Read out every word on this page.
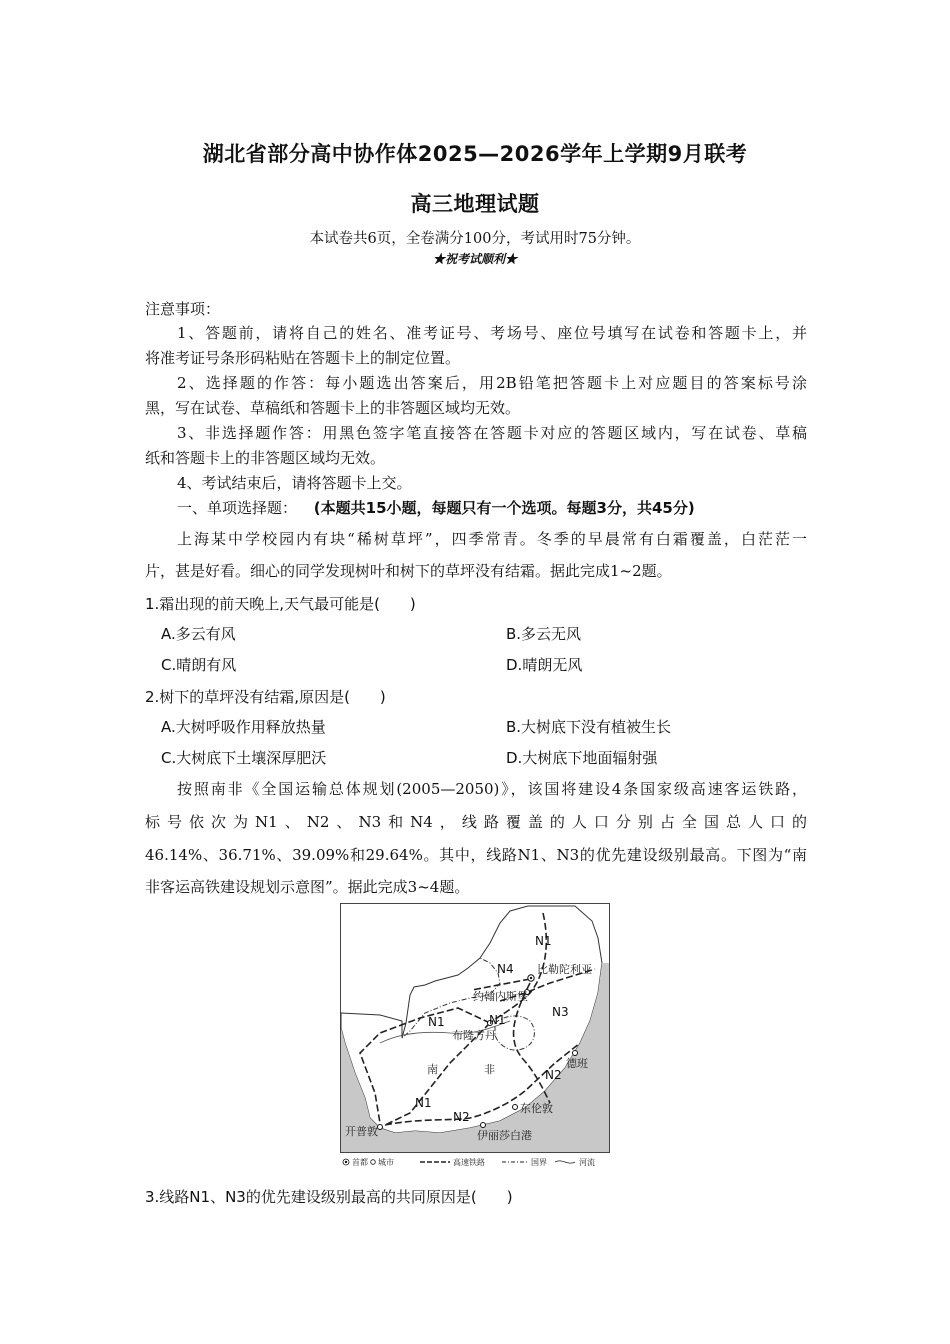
湖北省部分高中协作体2025—2026学年上学期9月联考
高三地理试题
本试卷共6页，全卷满分100分，考试用时75分钟。
★祝考试顺利★
注意事项：
1、答题前，请将自己的姓名、准考证号、考场号、座位号填写在试卷和答题卡上，并
将准考证号条形码粘贴在答题卡上的制定位置。
2、选择题的作答：每小题选出答案后，用2B铅笔把答题卡上对应题目的答案标号涂
黑，写在试卷、草稿纸和答题卡上的非答题区域均无效。
3、非选择题作答：用黑色签字笔直接答在答题卡对应的答题区域内，写在试卷、草稿
纸和答题卡上的非答题区域均无效。
4、考试结束后，请将答题卡上交。
一、单项选择题： (本题共15小题，每题只有一个选项。每题3分，共45分)
上海某中学校园内有块“稀树草坪”，四季常青。冬季的早晨常有白霜覆盖，白茫茫一
片，甚是好看。细心的同学发现树叶和树下的草坪没有结霜。据此完成1~2题。
1.霜出现的前天晚上,天气最可能是(　　)
A.多云有风	B.多云无风
C.晴朗有风	D.晴朗无风
2.树下的草坪没有结霜,原因是(　　)
A.大树呼吸作用释放热量	B.大树底下没有植被生长
C.大树底下土壤深厚肥沃	D.大树底下地面辐射强
按照南非《全国运输总体规划(2005—2050)》，该国将建设4条国家级高速客运铁路，
标号依次为N1、N2、N3和N4，线路覆盖的人口分别占全国总人口的
46.14%、36.71%、39.09%和29.64%。其中，线路N1、N3的优先建设级别最高。下图为“南
非客运高铁建设规划示意图”。据此完成3~4题。
比勒陀利亚
约翰内斯堡
布隆方丹
德班
东伦敦
伊丽莎白港
开普敦
南	非
N1
N4
N1	N1
N3
N2
N1
N2
首都 城市	高速铁路	国界	河流
3.线路N1、N3的优先建设级别最高的共同原因是(　　)
